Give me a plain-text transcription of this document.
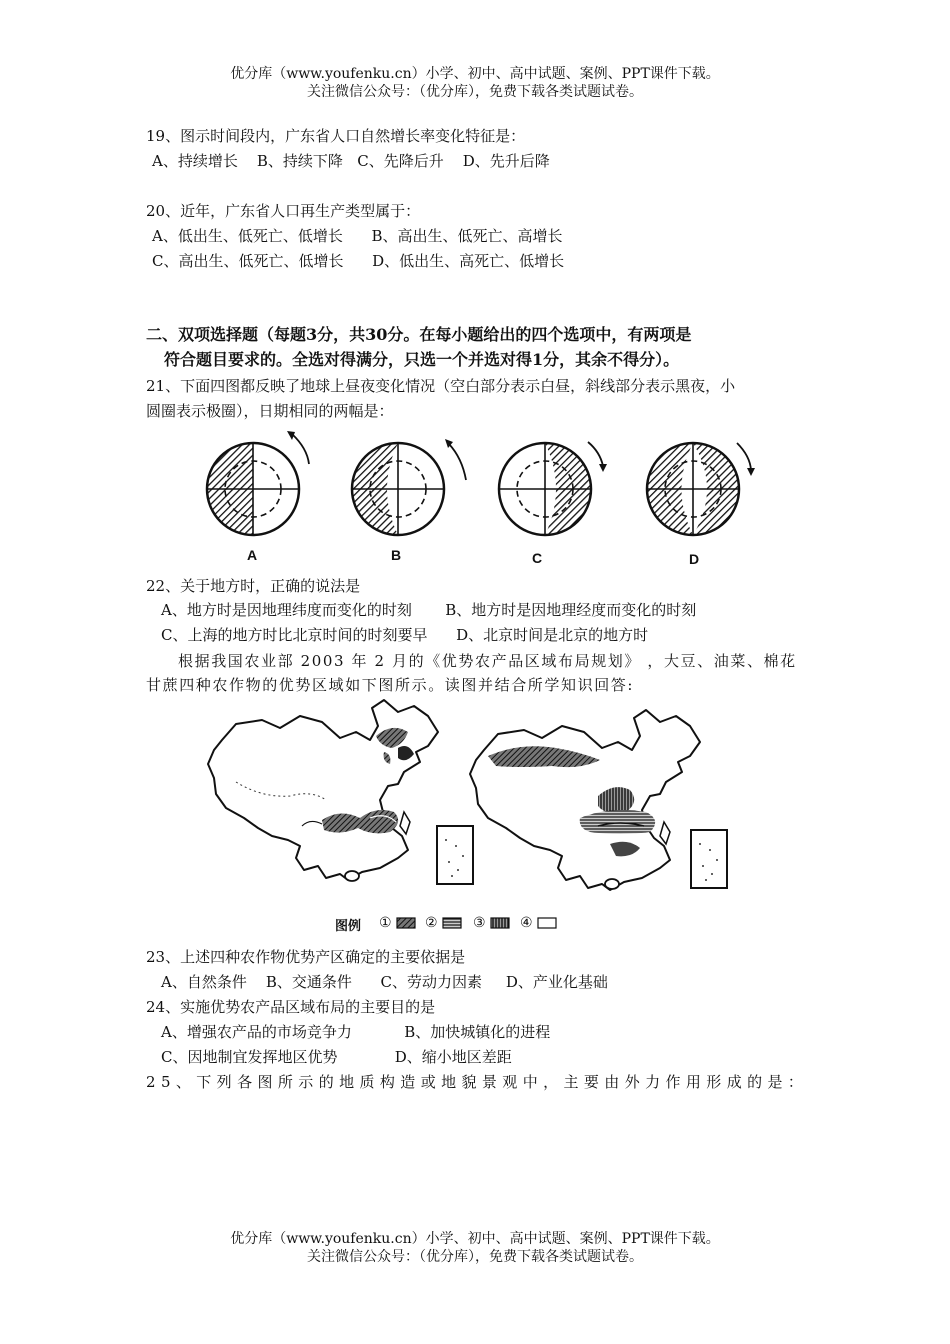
优分库（www.youfenku.cn）小学、初中、高中试题、案例、PPT课件下载。
关注微信公众号：（优分库），免费下载各类试题试卷。
19、图示时间段内，广东省人口自然增长率变化特征是：
A、持续增长    B、持续下降   C、先降后升    D、先升后降
20、近年，广东省人口再生产类型属于：
A、低出生、低死亡、低增长      B、高出生、低死亡、高增长
C、高出生、低死亡、低增长      D、低出生、高死亡、低增长
二、双项选择题（每题3分，共30分。在每小题给出的四个选项中，有两项是
符合题目要求的。全选对得满分，只选一个并选对得1分，其余不得分）。
21、下面四图都反映了地球上昼夜变化情况（空白部分表示白昼，斜线部分表示黑夜，小
圆圈表示极圈），日期相同的两幅是：
A	B	C	D
22、关于地方时，正确的说法是
A、地方时是因地理纬度而变化的时刻       B、地方时是因地理经度而变化的时刻
C、上海的地方时比北京时间的时刻要早      D、北京时间是北京的地方时
根据我国农业部 2003 年 2 月的《优势农产品区域布局规划》 ，大豆、油菜、棉花
甘蔗四种农作物的优势区域如下图所示。读图并结合所学知识回答:
图例 ① ②	③ ④
23、上述四种农作物优势产区确定的主要依据是
A、自然条件    B、交通条件      C、劳动力因素     D、产业化基础
24、实施优势农产品区域布局的主要目的是
A、增强农产品的市场竞争力           B、加快城镇化的进程
C、因地制宜发挥地区优势            D、缩小地区差距
25、下列各图所示的地质构造或地貌景观中，主要由外力作用形成的是：
优分库（www.youfenku.cn）小学、初中、高中试题、案例、PPT课件下载。
关注微信公众号：（优分库），免费下载各类试题试卷。
